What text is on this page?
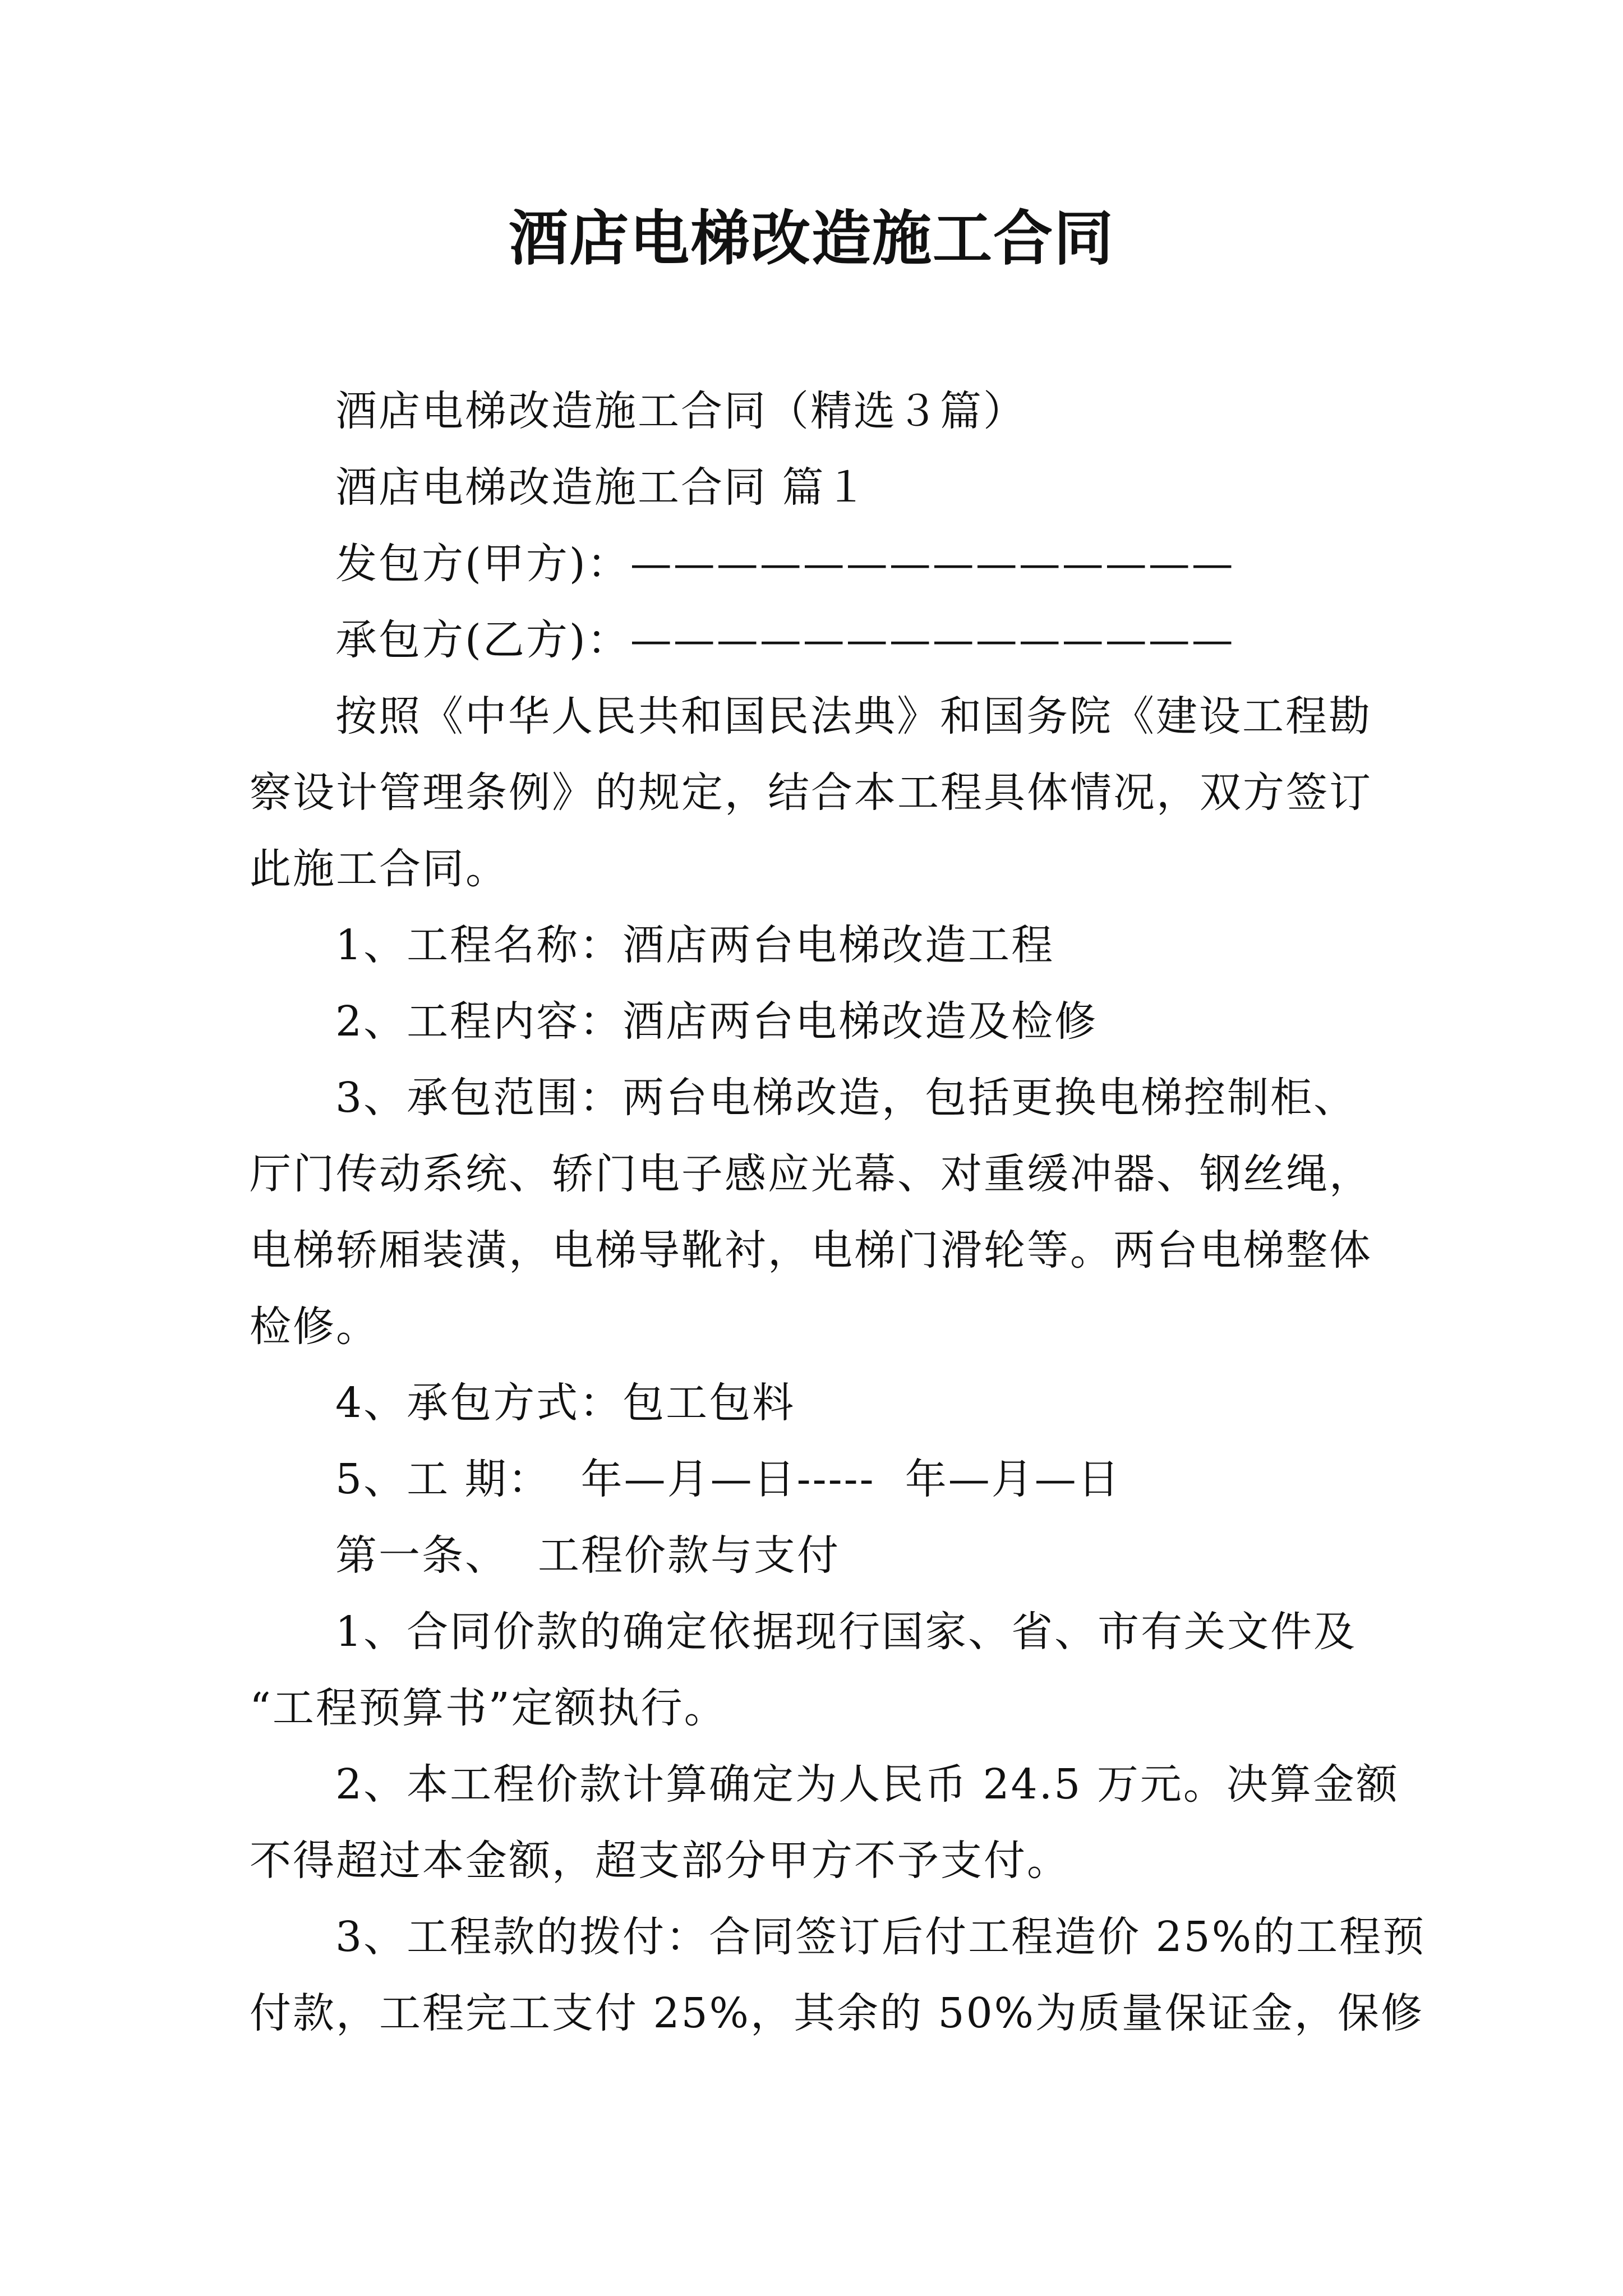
酒店电梯改造施工合同
酒店电梯改造施工合同（精选３篇）
酒店电梯改造施工合同 篇１
发包方(甲方)：——————————————
承包方(乙方)：——————————————
按照《中华人民共和国民法典》和国务院《建设工程勘
察设计管理条例》的规定，结合本工程具体情况，双方签订
此施工合同。
1、工程名称：酒店两台电梯改造工程
2、工程内容：酒店两台电梯改造及检修
3、承包范围：两台电梯改造，包括更换电梯控制柜、
厅门传动系统、轿门电子感应光幕、对重缓冲器、钢丝绳，
电梯轿厢装潢，电梯导靴衬，电梯门滑轮等。两台电梯整体
检修。
4、承包方式：包工包料
5、工 期：  年—月—日-----  年—月—日
第一条、  工程价款与支付
1、合同价款的确定依据现行国家、省、市有关文件及
“工程预算书”定额执行。
2、本工程价款计算确定为人民币 24.5 万元。决算金额
不得超过本金额，超支部分甲方不予支付。
3、工程款的拨付：合同签订后付工程造价 25%的工程预
付款，工程完工支付 25%，其余的 50%为质量保证金，保修
